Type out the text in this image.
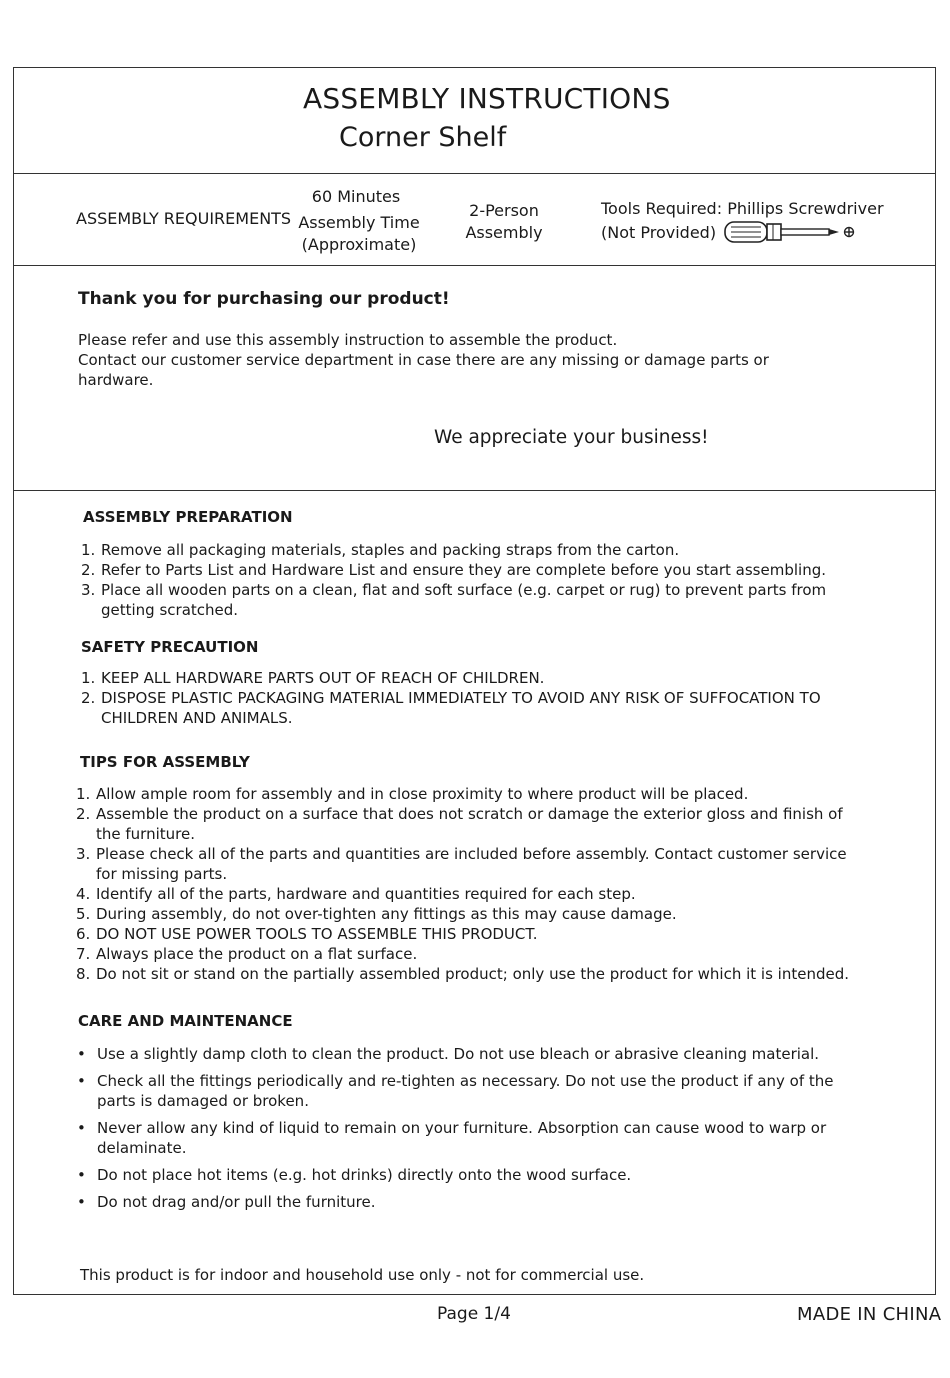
ASSEMBLY INSTRUCTIONS
Corner Shelf
ASSEMBLY REQUIREMENTS
60 Minutes
Assembly Time
(Approximate)
2-Person
Assembly
Tools Required: Phillips Screwdriver
(Not Provided)
Thank you for purchasing our product!
Please refer and use this assembly instruction to assemble the product.
Contact our customer service department in case there are any missing or damage parts or hardware.
We appreciate your business!
ASSEMBLY PREPARATION
1. Remove all packaging materials, staples and packing straps from the carton.
2. Refer to Parts List and Hardware List and ensure they are complete before you start assembling.
3. Place all wooden parts on a clean, flat and soft surface (e.g. carpet or rug) to prevent parts from getting scratched.
SAFETY PRECAUTION
1. KEEP ALL HARDWARE PARTS OUT OF REACH OF CHILDREN.
2. DISPOSE PLASTIC PACKAGING MATERIAL IMMEDIATELY TO AVOID ANY RISK OF SUFFOCATION TO CHILDREN AND ANIMALS.
TIPS FOR ASSEMBLY
1. Allow ample room for assembly and in close proximity to where product will be placed.
2. Assemble the product on a surface that does not scratch or damage the exterior gloss and finish of the furniture.
3. Please check all of the parts and quantities are included before assembly. Contact customer service for missing parts.
4. Identify all of the parts, hardware and quantities required for each step.
5. During assembly, do not over-tighten any fittings as this may cause damage.
6. DO NOT USE POWER TOOLS TO ASSEMBLE THIS PRODUCT.
7. Always place the product on a flat surface.
8. Do not sit or stand on the partially assembled product; only use the product for which it is intended.
CARE AND MAINTENANCE
• Use a slightly damp cloth to clean the product. Do not use bleach or abrasive cleaning material.
• Check all the fittings periodically and re-tighten as necessary. Do not use the product if any of the parts is damaged or broken.
• Never allow any kind of liquid to remain on your furniture. Absorption can cause wood to warp or delaminate.
• Do not place hot items (e.g. hot drinks) directly onto the wood surface.
• Do not drag and/or pull the furniture.
This product is for indoor and household use only - not for commercial use.
Page 1/4	MADE IN CHINA
